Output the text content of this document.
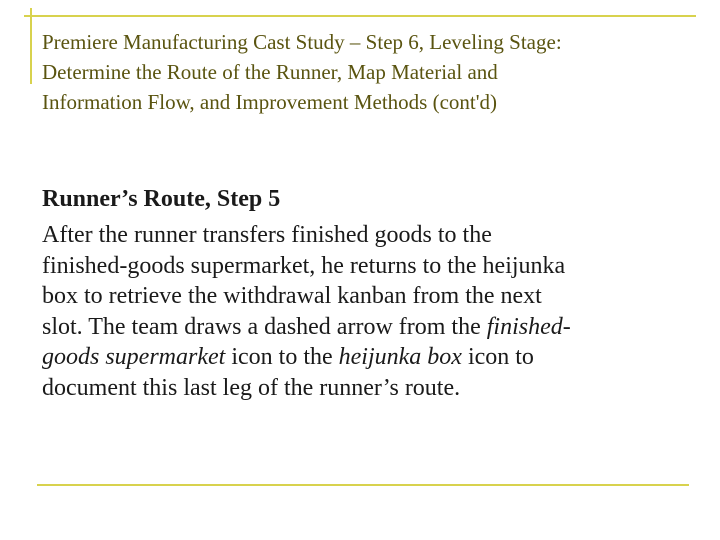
Premiere Manufacturing Cast Study – Step 6, Leveling Stage:
Determine the Route of the Runner, Map Material and
Information Flow, and Improvement Methods (cont'd)

Runner’s Route, Step 5

After the runner transfers finished goods to the
finished-goods supermarket, he returns to the heijunka
box to retrieve the withdrawal kanban from the next
slot. The team draws a dashed arrow from the finished-
goods supermarket icon to the heijunka box icon to
document this last leg of the runner’s route.
